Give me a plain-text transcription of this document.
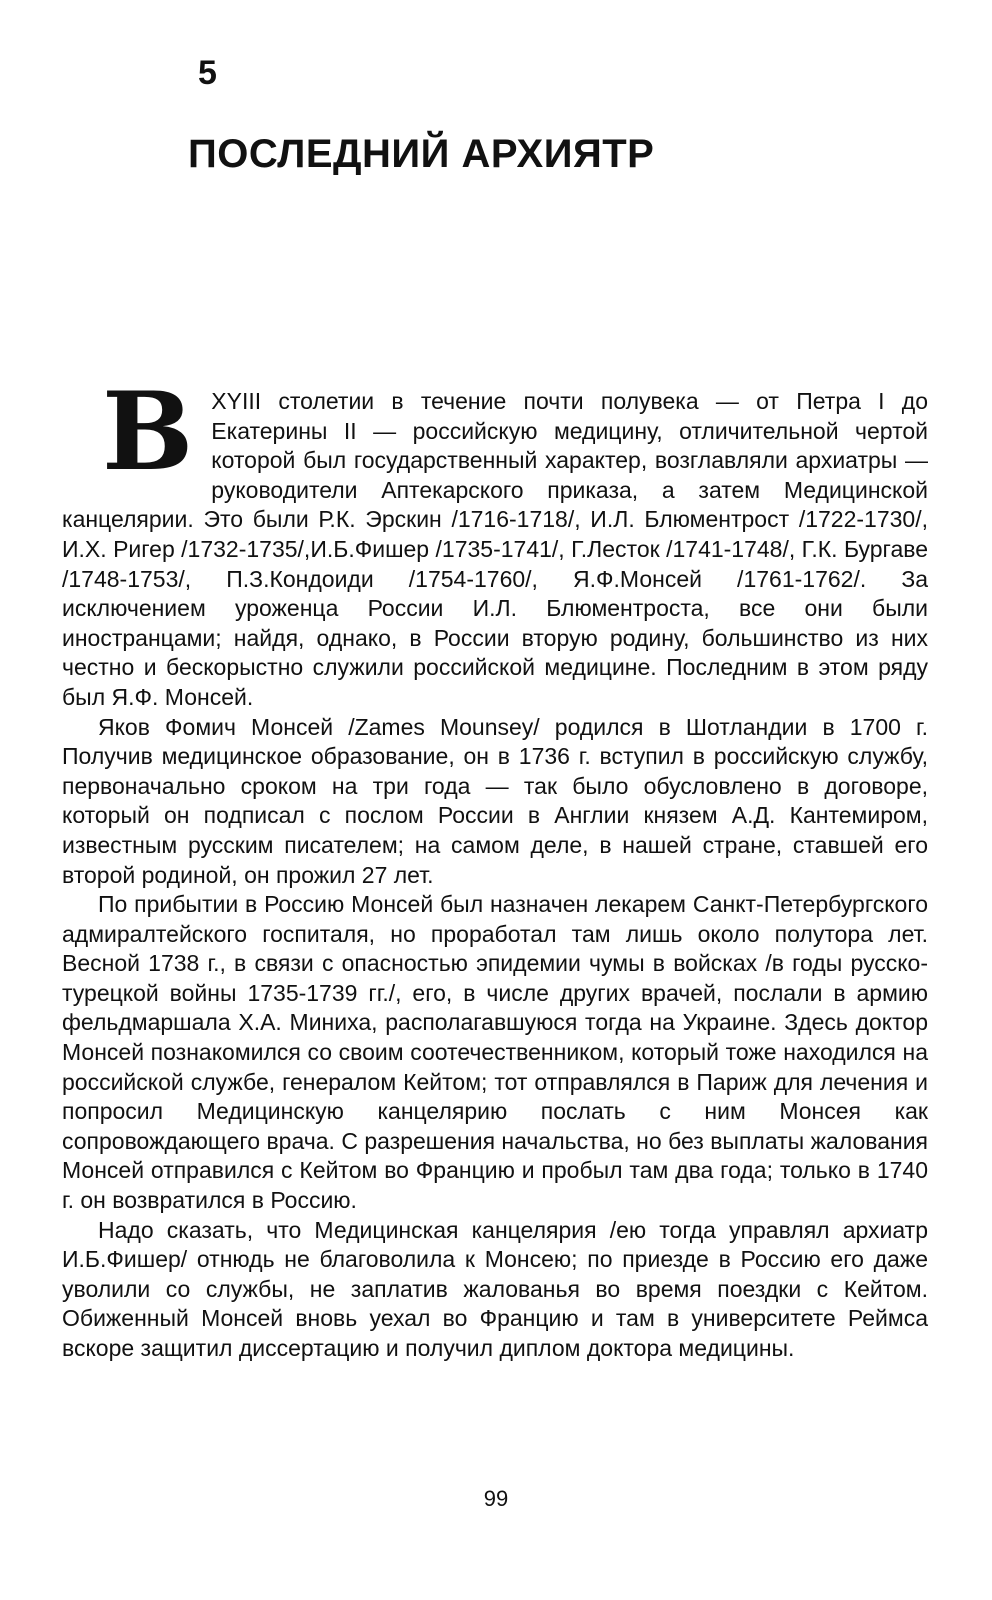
5
ПОСЛЕДНИЙ АРХИЯТР

В XYIII столетии в течение почти полувека — от Петра I до Екатерины II — российскую медицину, отличительной чертой которой был государственный характер, возглавляли архиатры — руководители Аптекарского приказа, а затем Медицинской канцелярии. Это были Р.К. Эрскин /1716-1718/, И.Л. Блюментрост /1722-1730/, И.Х. Ригер /1732-1735/,И.Б.Фишер /1735-1741/, Г.Лесток /1741-1748/, Г.К. Бургаве /1748-1753/, П.З.Кондоиди /1754-1760/, Я.Ф.Монсей /1761-1762/. За исключением уроженца России И.Л. Блюментроста, все они были иностранцами; найдя, однако, в России вторую родину, большинство из них честно и бескорыстно служили российской медицине. Последним в этом ряду был Я.Ф. Монсей.

Яков Фомич Монсей /Zames Mounsey/ родился в Шотландии в 1700 г. Получив медицинское образование, он в 1736 г. вступил в российскую службу, первоначально сроком на три года — так было обусловлено в договоре, который он подписал с послом России в Англии князем А.Д. Кантемиром, известным русским писателем; на самом деле, в нашей стране, ставшей его второй родиной, он прожил 27 лет.

По прибытии в Россию Монсей был назначен лекарем Санкт-Петербургского адмиралтейского госпиталя, но проработал там лишь около полутора лет. Весной 1738 г., в связи с опасностью эпидемии чумы в войсках /в годы русско-турецкой войны 1735-1739 гг./, его, в числе других врачей, послали в армию фельдмаршала Х.А. Миниха, располагавшуюся тогда на Украине. Здесь доктор Монсей познакомился со своим соотечественником, который тоже находился на российской службе, генералом Кейтом; тот отправлялся в Париж для лечения и попросил Медицинскую канцелярию послать с ним Монсея как сопровождающего врача. С разрешения начальства, но без выплаты жалования Монсей отправился с Кейтом во Францию и пробыл там два года; только в 1740 г. он возвратился в Россию.

Надо сказать, что Медицинская канцелярия /ею тогда управлял архиатр И.Б.Фишер/ отнюдь не благоволила к Монсею; по приезде в Россию его даже уволили со службы, не заплатив жалованья во время поездки с Кейтом. Обиженный Монсей вновь уехал во Францию и там в университете Реймса вскоре защитил диссертацию и получил диплом доктора медицины.

99
